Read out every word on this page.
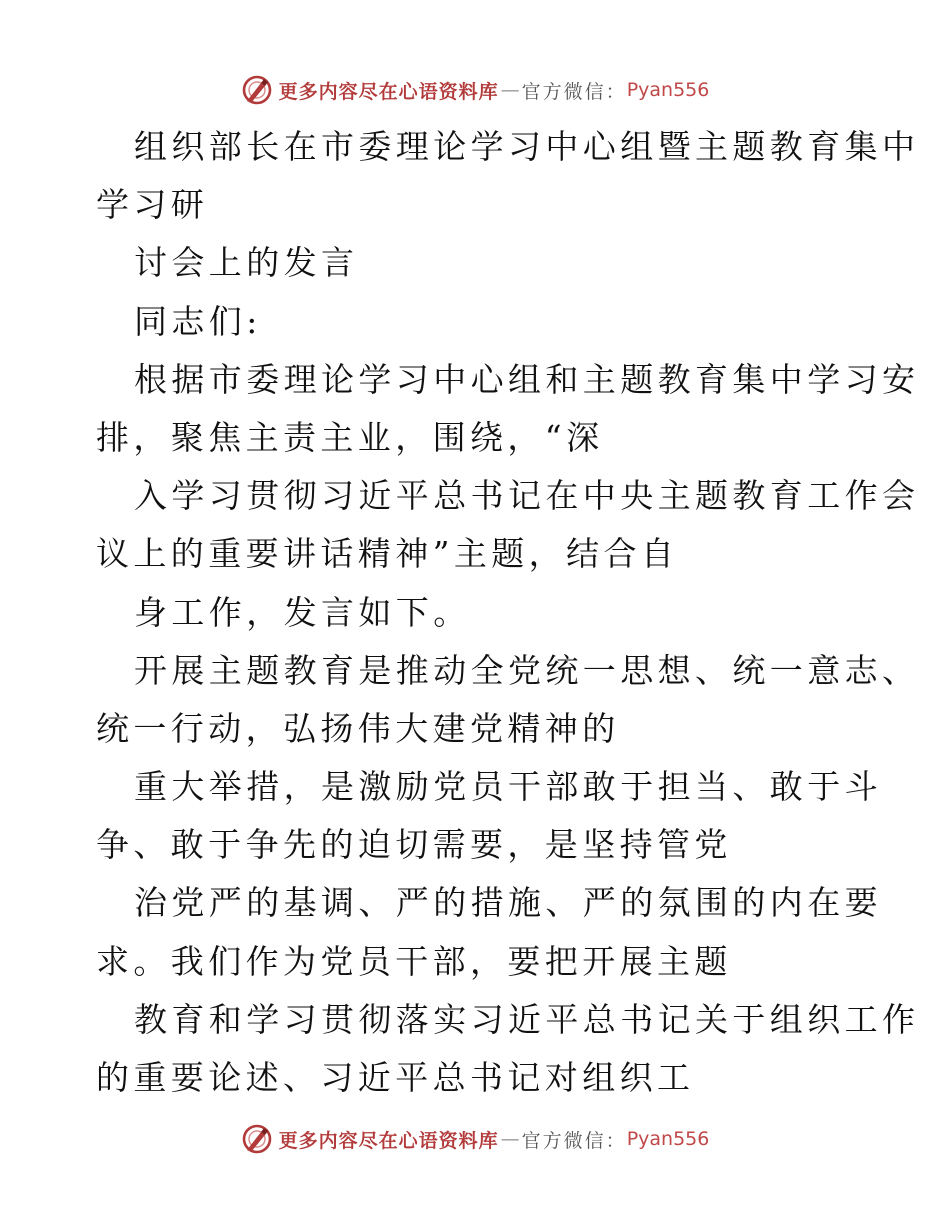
更多内容尽在心语资料库 — 官方微信： Pyan556
组织部长在市委理论学习中心组暨主题教育集中
学习研
讨会上的发言
同志们:
根据市委理论学习中心组和主题教育集中学习安
排，聚焦主责主业，围绕，“深
入学习贯彻习近平总书记在中央主题教育工作会
议上的重要讲话精神”主题，结合自
身工作，发言如下。
开展主题教育是推动全党统一思想、统一意志、
统一行动，弘扬伟大建党精神的
重大举措，是激励党员干部敢于担当、敢于斗
争、敢于争先的迫切需要，是坚持管党
治党严的基调、严的措施、严的氛围的内在要
求。我们作为党员干部，要把开展主题
教育和学习贯彻落实习近平总书记关于组织工作
的重要论述、习近平总书记对组织工
更多内容尽在心语资料库 — 官方微信： Pyan556
